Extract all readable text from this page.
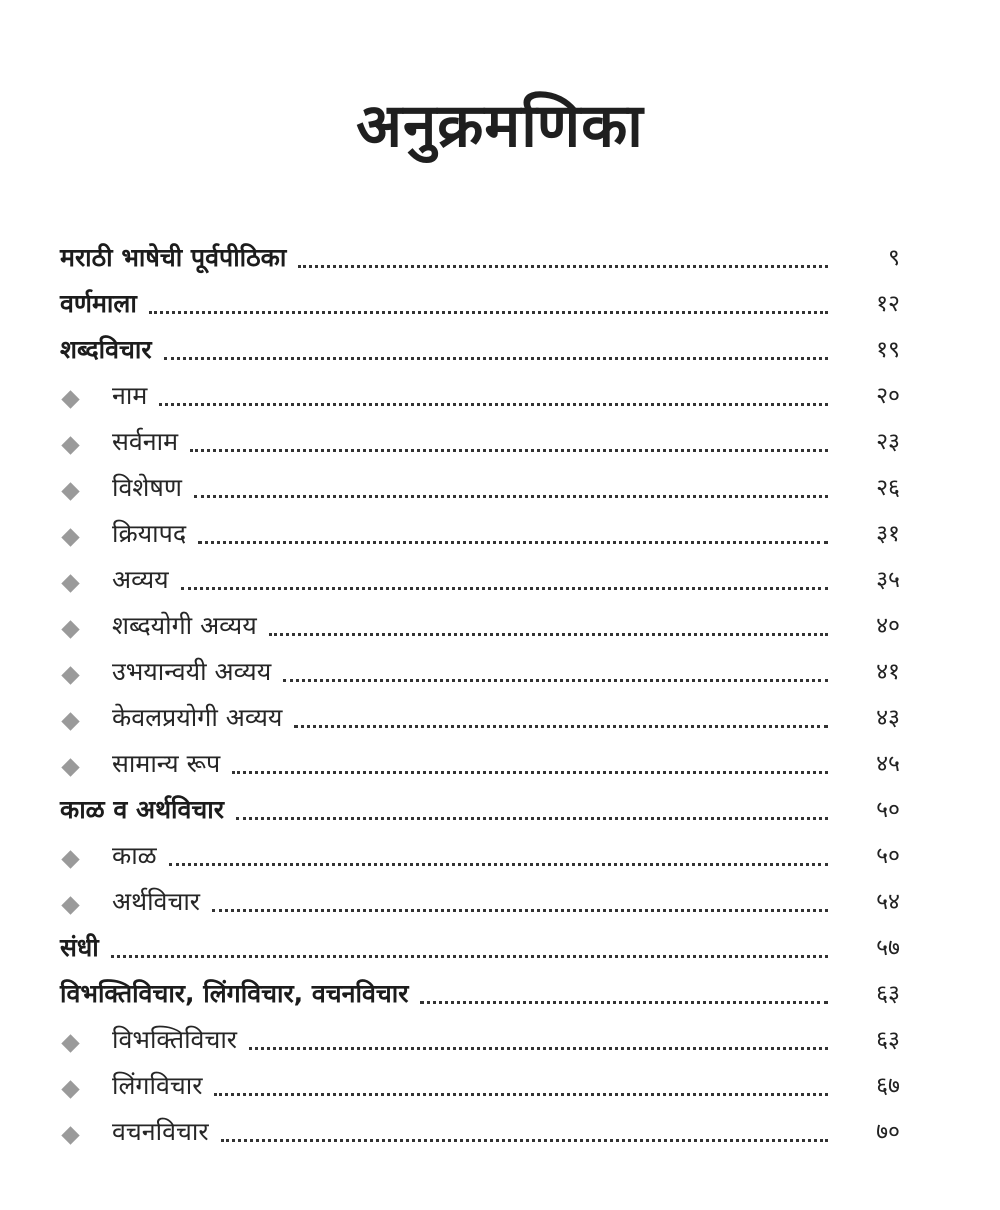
अनुक्रमणिका
मराठी भाषेची पूर्वपीठिका	९
वर्णमाला	१२
शब्दविचार	१९
नाम	२०
सर्वनाम	२३
विशेषण	२६
क्रियापद	३१
अव्यय	३५
शब्दयोगी अव्यय	४०
उभयान्वयी अव्यय	४१
केवलप्रयोगी अव्यय	४३
सामान्य रूप	४५
काळ व अर्थविचार	५०
काळ	५०
अर्थविचार	५४
संधी	५७
विभक्तिविचार, लिंगविचार, वचनविचार	६३
विभक्तिविचार	६३
लिंगविचार	६७
वचनविचार	७०
